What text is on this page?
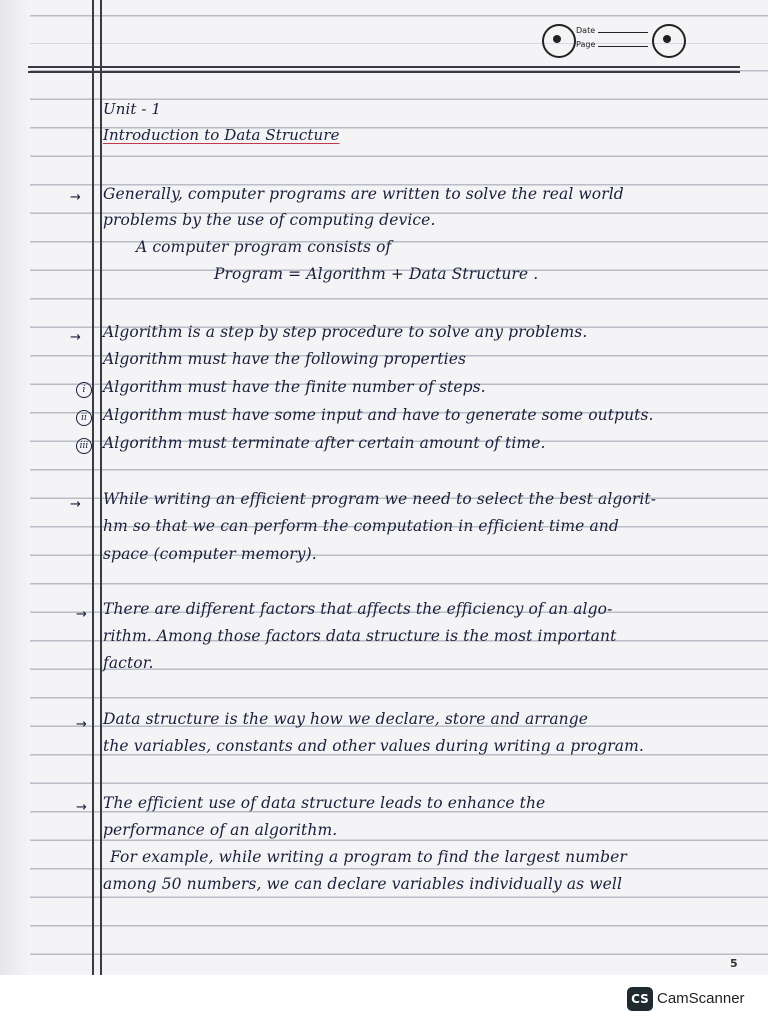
Date
Page

Unit - 1

Introduction to Data Structure

→ Generally, computer programs are written to solve the real world

problems by the use of computing device.

A computer program consists of

Program = Algorithm + Data Structure .

→ Algorithm is a step by step procedure to solve any problems.

Algorithm must have the following properties

i	Algorithm must have the finite number of steps.

ii	Algorithm must have some input and have to generate some outputs.

iii Algorithm must terminate after certain amount of time.

→ While writing an efficient program we need to select the best algorit-

hm so that we can perform the computation in efficient time and

space (computer memory).

→ There are different factors that affects the efficiency of an algo-

rithm. Among those factors data structure is the most important

factor.

→ Data structure is the way how we declare, store and arrange

the variables, constants and other values during writing a program.

→ The efficient use of data structure leads to enhance the

performance of an algorithm.

For example, while writing a program to find the largest number

among 50 numbers, we can declare variables individually as well

5
CS CamScanner
